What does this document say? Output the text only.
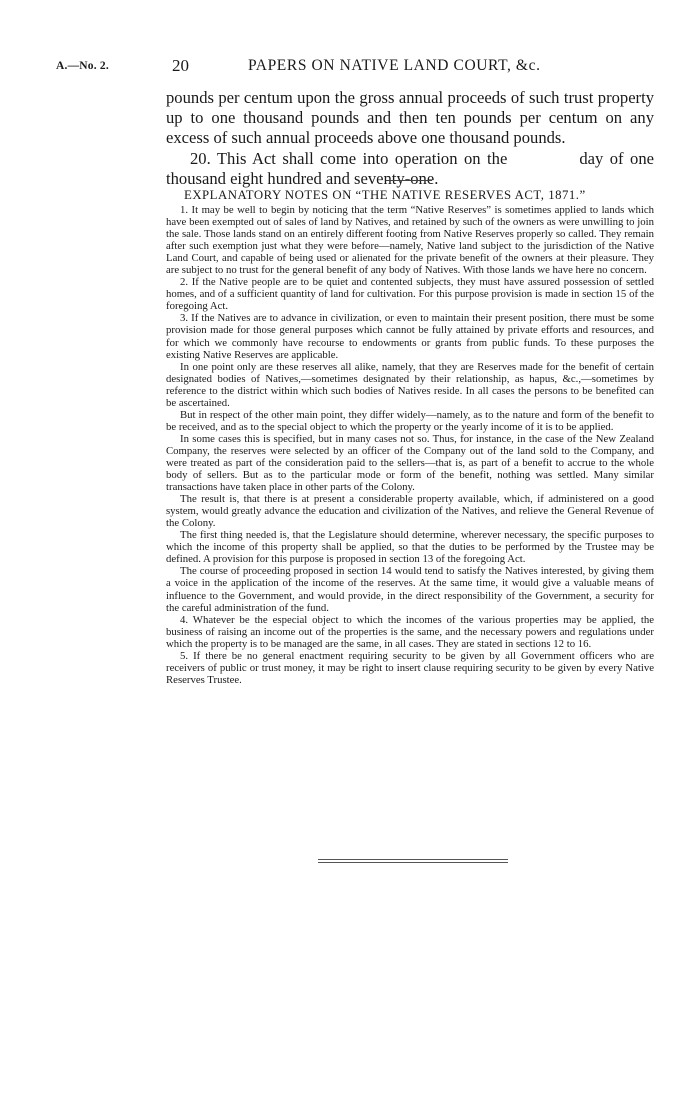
A.—No. 2.	20	PAPERS ON NATIVE LAND COURT, &c.

pounds per centum upon the gross annual proceeds of such trust property up to one thousand pounds and then ten pounds per centum on any excess of such annual proceeds above one thousand pounds.

20. This Act shall come into operation on the	day of one thousand eight hundred and seventy-one.

EXPLANATORY NOTES ON “THE NATIVE RESERVES ACT, 1871.”

1. It may be well to begin by noticing that the term “Native Reserves” is sometimes applied to lands which have been exempted out of sales of land by Natives, and retained by such of the owners as were unwilling to join the sale. Those lands stand on an entirely different footing from Native Reserves properly so called. They remain after such exemption just what they were before—namely, Native land subject to the jurisdiction of the Native Land Court, and capable of being used or alienated for the private benefit of the owners at their pleasure. They are subject to no trust for the general benefit of any body of Natives. With those lands we have here no concern.

2. If the Native people are to be quiet and contented subjects, they must have assured possession of settled homes, and of a sufficient quantity of land for cultivation. For this purpose provision is made in section 15 of the foregoing Act.

3. If the Natives are to advance in civilization, or even to maintain their present position, there must be some provision made for those general purposes which cannot be fully attained by private efforts and resources, and for which we commonly have recourse to endowments or grants from public funds. To these purposes the existing Native Reserves are applicable.

In one point only are these reserves all alike, namely, that they are Reserves made for the benefit of certain designated bodies of Natives,—sometimes designated by their relationship, as hapus, &c.,—sometimes by reference to the district within which such bodies of Natives reside. In all cases the persons to be benefited can be ascertained.

But in respect of the other main point, they differ widely—namely, as to the nature and form of the benefit to be received, and as to the special object to which the property or the yearly income of it is to be applied.

In some cases this is specified, but in many cases not so. Thus, for instance, in the case of the New Zealand Company, the reserves were selected by an officer of the Company out of the land sold to the Company, and were treated as part of the consideration paid to the sellers—that is, as part of a benefit to accrue to the whole body of sellers. But as to the particular mode or form of the benefit, nothing was settled. Many similar transactions have taken place in other parts of the Colony.

The result is, that there is at present a considerable property available, which, if administered on a good system, would greatly advance the education and civilization of the Natives, and relieve the General Revenue of the Colony.

The first thing needed is, that the Legislature should determine, wherever necessary, the specific purposes to which the income of this property shall be applied, so that the duties to be performed by the Trustee may be defined. A provision for this purpose is proposed in section 13 of the foregoing Act.

The course of proceeding proposed in section 14 would tend to satisfy the Natives interested, by giving them a voice in the application of the income of the reserves. At the same time, it would give a valuable means of influence to the Government, and would provide, in the direct responsibility of the Government, a security for the careful administration of the fund.

4. Whatever be the especial object to which the incomes of the various properties may be applied, the business of raising an income out of the properties is the same, and the necessary powers and regulations under which the property is to be managed are the same, in all cases. They are stated in sections 12 to 16.

5. If there be no general enactment requiring security to be given by all Government officers who are receivers of public or trust money, it may be right to insert clause requiring security to be given by every Native Reserves Trustee.
